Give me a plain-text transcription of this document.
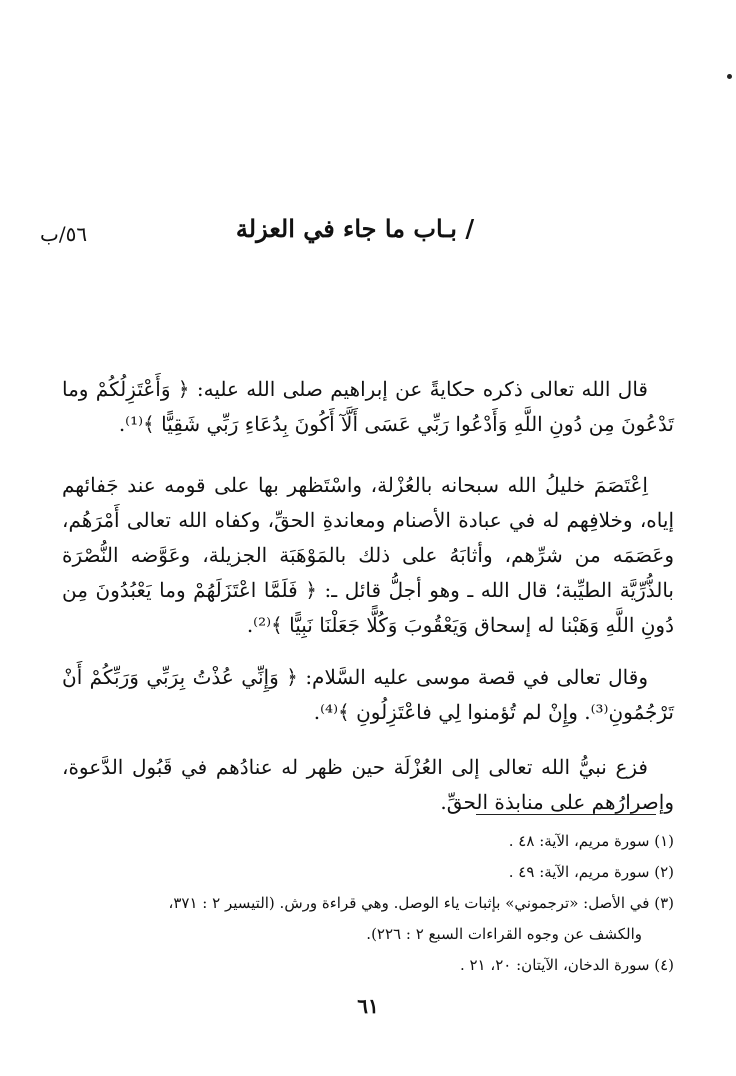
/ بـاب ما جاء في العزلة
٥٦/ب

قال الله تعالى ذكره حكايةً عن إبراهيم صلى الله عليه: ﴿ وَأَعْتَزِلُكُمْ وما تَدْعُونَ مِن دُونِ اللَّهِ وَأَدْعُوا رَبِّي عَسَى أَلَّآ أَكُونَ بِدُعَاءِ رَبِّي شَقِيًّا ﴾⁽¹⁾.

اِعْتَصَمَ خليلُ الله سبحانه بالعُزْلة، واسْتَظهر بها على قومه عند جَفائهم إياه، وخلافِهم له في عبادة الأصنام ومعاندةِ الحقِّ، وكفاه الله تعالى أَمْرَهُم، وعَصَمَه من شرِّهم، وأثابَهُ على ذلك بالمَوْهَبَة الجزيلة، وعَوَّضه النُّصْرَة بالذُّرِّيَّة الطيِّبة؛ قال الله ـ وهو أجلُّ قائل ـ: ﴿ فَلَمَّا اعْتَزَلَهُمْ وما يَعْبُدُونَ مِن دُونِ اللَّهِ وَهَبْنا له إسحاق وَيَعْقُوبَ وَكُلًّا جَعَلْنَا نَبِيًّا ﴾⁽²⁾.

وقال تعالى في قصة موسى عليه السَّلام: ﴿ وَإِنِّي عُذْتُ بِرَبِّي وَرَبِّكُمْ أَنْ تَرْجُمُونِ⁽³⁾. وإِنْ لم تُؤمنوا لِي فاعْتَزِلُونِ ﴾⁽⁴⁾.

فزع نبيُّ الله تعالى إلى العُزْلَة حين ظهر له عنادُهم في قَبُول الدَّعوة، وإصرارُهم على منابذة الحقِّ.

(١) سورة مريم، الآية: ٤٨ .
(٢) سورة مريم، الآية: ٤٩ .
(٣) في الأصل: «ترجموني» بإثبات ياء الوصل. وهي قراءة ورش. (التيسير ٢ : ٣٧١،
والكشف عن وجوه القراءات السبع ٢ : ٢٢٦).
(٤) سورة الدخان، الآيتان: ٢٠، ٢١ .
٦١
